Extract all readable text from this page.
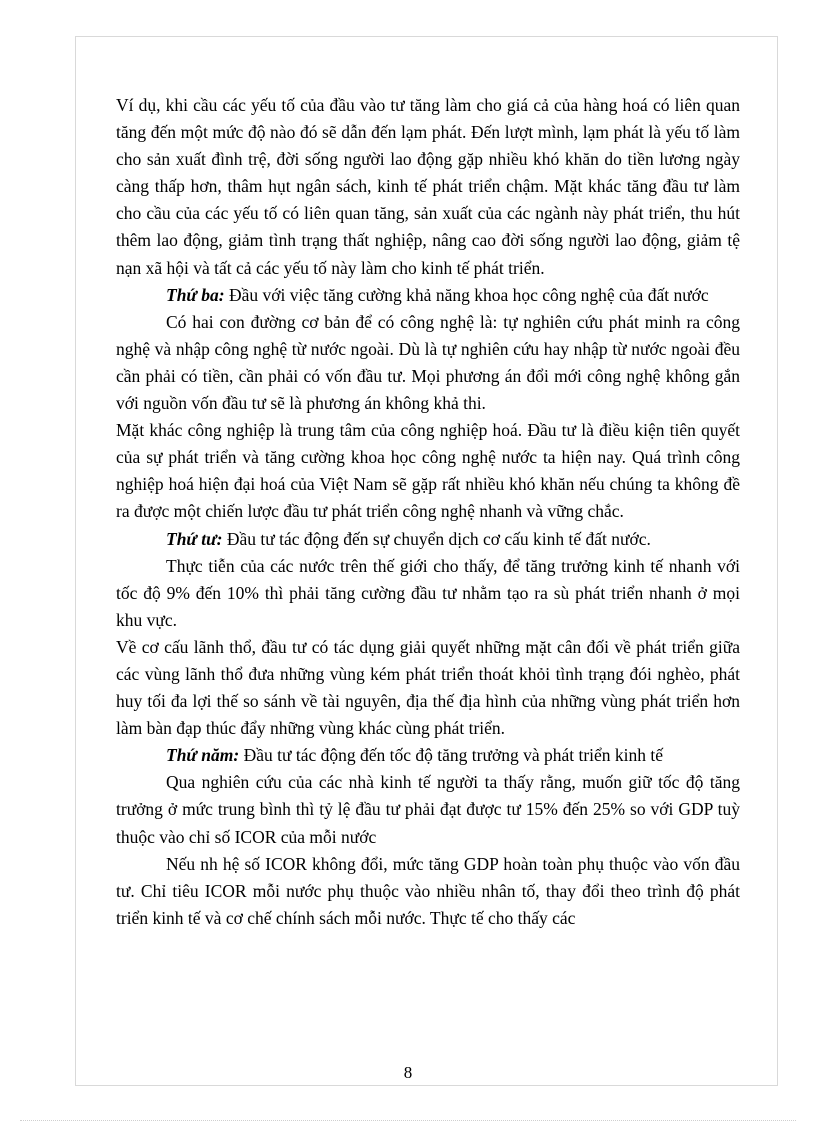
Ví dụ, khi cầu các yếu tố của đầu vào tư tăng làm cho giá cả của hàng hoá có liên quan tăng đến một mức độ nào đó sẽ dẫn đến lạm phát. Đến lượt mình, lạm phát là yếu tố làm cho sản xuất đình trệ, đời sống người lao động gặp nhiều khó khăn do tiền lương ngày càng thấp hơn, thâm hụt ngân sách, kinh tế phát triển chậm. Mặt khác tăng đầu tư làm cho cầu của các yếu tố có liên quan tăng, sản xuất của các ngành này phát triển, thu hút thêm lao động, giảm tình trạng thất nghiệp, nâng cao đời sống người lao động, giảm tệ nạn xã hội và tất cả các yếu tố này làm cho kinh tế phát triển.

Thứ ba: Đầu với việc tăng cường khả năng khoa học công nghệ của đất nước

Có hai con đường cơ bản để có công nghệ là: tự nghiên cứu phát minh ra công nghệ và nhập công nghệ từ nước ngoài. Dù là tự nghiên cứu hay nhập từ nước ngoài đều cần phải có tiền, cần phải có vốn đầu tư. Mọi phương án đổi mới công nghệ không gắn với nguồn vốn đầu tư sẽ là phương án không khả thi.

Mặt khác công nghiệp là trung tâm của công nghiệp hoá. Đầu tư là điều kiện tiên quyết của sự phát triển và tăng cường khoa học công nghệ nước ta hiện nay. Quá trình công nghiệp hoá hiện đại hoá của Việt Nam sẽ gặp rất nhiều khó khăn nếu chúng ta không đề ra được một chiến lược đầu tư phát triển công nghệ nhanh và vững chắc.

Thứ tư: Đầu tư tác động đến sự chuyển dịch cơ cấu kinh tế đất nước.

Thực tiễn của các nước trên thế giới cho thấy, để tăng trưởng kinh tế nhanh với tốc độ 9% đến 10% thì phải tăng cường đầu tư nhằm tạo ra sù phát triển nhanh ở mọi khu vực.

Về cơ cấu lãnh thổ, đầu tư có tác dụng giải quyết những mặt cân đối về phát triển giữa các vùng lãnh thổ đưa những vùng kém phát triển thoát khỏi tình trạng đói nghèo, phát huy tối đa lợi thế so sánh về tài nguyên, địa thế địa hình của những vùng phát triển hơn làm bàn đạp thúc đẩy những vùng khác cùng phát triển.

Thứ năm: Đầu tư tác động đến tốc độ tăng trưởng và phát triển kinh tế

Qua nghiên cứu của các nhà kinh tế người ta thấy rằng, muốn giữ tốc độ tăng trưởng ở mức trung bình thì tỷ lệ đầu tư phải đạt được tư 15% đến 25% so với GDP tuỳ thuộc vào chỉ số ICOR của mỗi nước

Nếu nh hệ số ICOR không đổi, mức tăng GDP hoàn toàn phụ thuộc vào vốn đầu tư. Chỉ tiêu ICOR mỗi nước phụ thuộc vào nhiều nhân tố, thay đổi theo trình độ phát triển kinh tế và cơ chế chính sách mỗi nước. Thực tế cho thấy các

8
